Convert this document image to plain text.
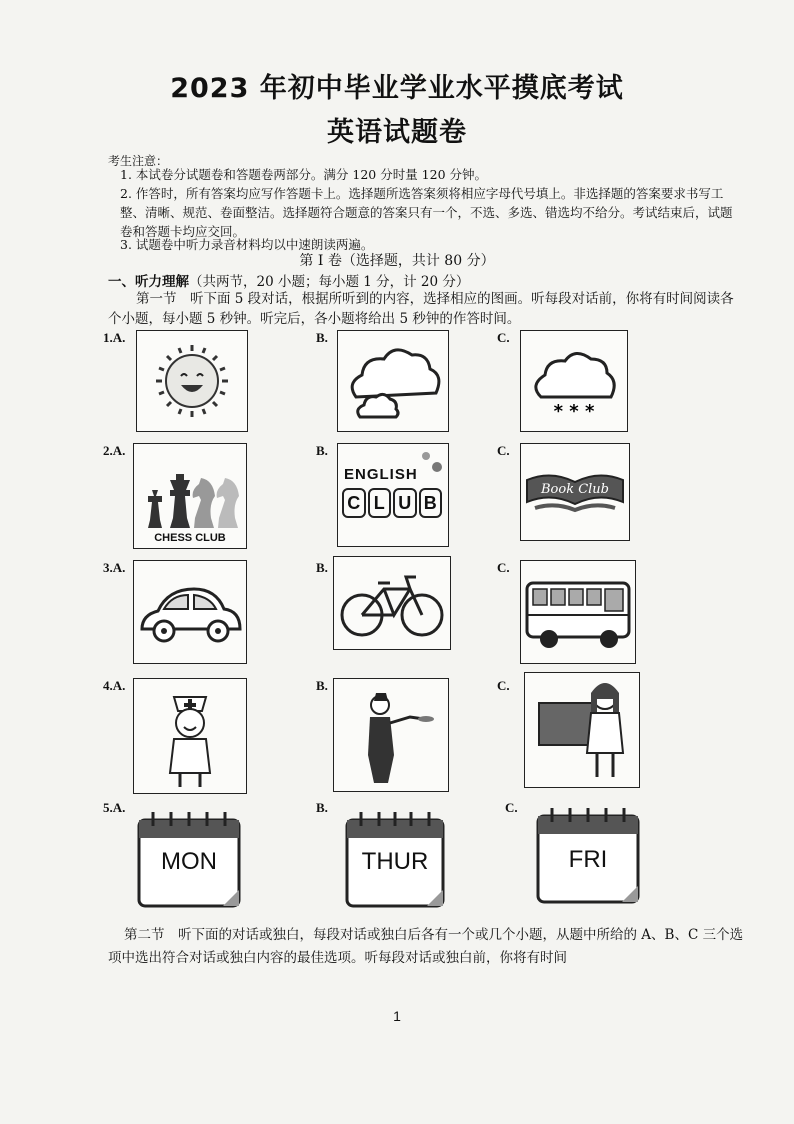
2023 年初中毕业学业水平摸底考试
英语试题卷
考生注意：
1. 本试卷分试题卷和答题卷两部分。满分 120 分时量 120 分钟。
2. 作答时，所有答案均应写作答题卡上。选择题所选答案须将相应字母代号填上。非选择题的答案要求书写工整、清晰、规范、卷面整洁。选择题符合题意的答案只有一个，不选、多选、错选均不给分。考试结束后，试题卷和答题卡均应交回。
3. 试题卷中听力录音材料均以中速朗读两遍。
第 I 卷（选择题，共计 80 分）
一、听力理解（共两节，20 小题；每小题 1 分，计 20 分）
第一节　听下面 5 段对话，根据所听到的内容，选择相应的图画。听每段对话前，你将有时间阅读各个小题，每小题 5 秒钟。听完后，各小题将给出 5 秒钟的作答时间。
1.A.	B.	C.
* * *
2.A.
CHESS CLUB
B.
ENGLISH
C L U B
C.
Book Club
3.A.	B.	C.
4.A.	B.	C.
5.A.
MON
B.
THUR
C.
FRI
第二节　听下面的对话或独白，每段对话或独白后各有一个或几个小题，从题中所给的 A、B、C 三个选项中选出符合对话或独白内容的最佳选项。听每段对话或独白前，你将有时间
1
